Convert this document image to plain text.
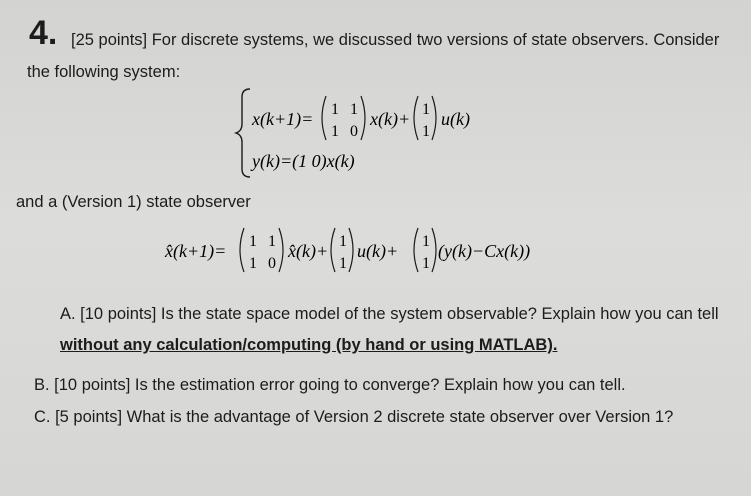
4. [25 points] For discrete systems, we discussed two versions of state observers. Consider
the following system:
x(k+1)= 1 1
1 0
x(k)+ 1
1
u(k)
y(k)=(1 0)x(k)
and a (Version 1) state observer
x̂(k+1)= 1 1
1 0
x̂(k)+ 1
1
u(k)+ 1
1
(y(k)−Cx(k))
A. [10 points] Is the state space model of the system observable? Explain how you can tell
without any calculation/computing (by hand or using MATLAB).
B. [10 points] Is the estimation error going to converge? Explain how you can tell.
C. [5 points] What is the advantage of Version 2 discrete state observer over Version 1?
